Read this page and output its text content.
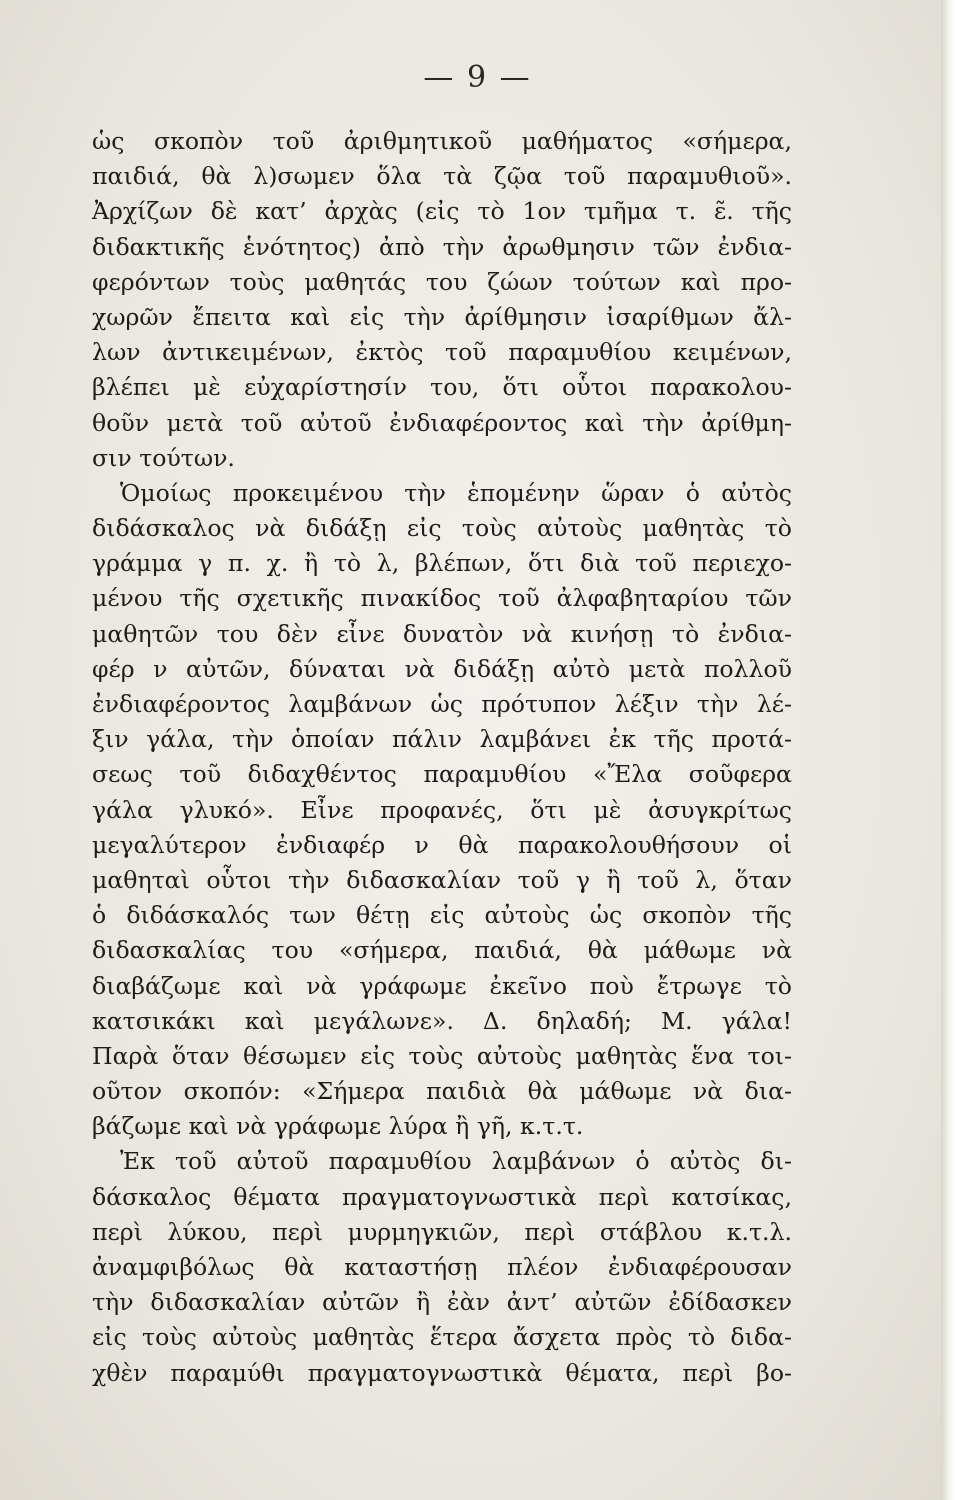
— 9 —
ὡς σκοπὸν τοῦ ἀριθμητικοῦ μαθήματος «σήμερα,
παιδιά, θὰ λ)σωμεν ὅλα τὰ ζῷα τοῦ παραμυθιοῦ».
Ἀρχίζων δὲ κατ’ ἀρχὰς (εἰς τὸ 1ον τμῆμα τ. ε̃. τῆς
διδακτικῆς ἑνότητος) ἀπὸ τὴν ἀρωθμησιν τῶν ἐνδια-
φερόντων τοὺς μαθητάς του ζώων τούτων καὶ προ-
χωρῶν ἔπειτα καὶ εἰς τὴν ἀρίθμησιν ἰσαρίθμων ἄλ-
λων ἀντικειμένων, ἐκτὸς τοῦ παραμυθίου κειμένων,
βλέπει μὲ εὐχαρίστησίν του, ὅτι οὗτοι παρακολου-
θοῦν μετὰ τοῦ αὐτοῦ ἐνδιαφέροντος καὶ τὴν ἀρίθμη-
σιν τούτων.
Ὁμοίως προκειμένου τὴν ἑπομένην ὥραν ὁ αὐτὸς
διδάσκαλος νὰ διδάξῃ εἰς τοὺς αὐτοὺς μαθητὰς τὸ
γράμμα γ π. χ. ἢ τὸ λ, βλέπων, ὅτι διὰ τοῦ περιεχο-
μένου τῆς σχετικῆς πινακίδος τοῦ ἀλφαβηταρίου τῶν
μαθητῶν του δὲν εἶνε δυνατὸν νὰ κινήσῃ τὸ ἐνδια-
φέρ ν αὐτῶν, δύναται νὰ διδάξῃ αὐτὸ μετὰ πολλοῦ
ἐνδιαφέροντος λαμβάνων ὡς πρότυπον λέξιν τὴν λέ-
ξιν γάλα, τὴν ὁποίαν πάλιν λαμβάνει ἐκ τῆς προτά-
σεως τοῦ διδαχθέντος παραμυθίου «Ἔλα σοῦφερα
γάλα γλυκό». Εἶνε προφανές, ὅτι μὲ ἀσυγκρίτως
μεγαλύτερον ἐνδιαφέρ ν θὰ παρακολουθήσουν οἱ
μαθηταὶ οὗτοι τὴν διδασκαλίαν τοῦ γ ἢ τοῦ λ, ὅταν
ὁ διδάσκαλός των θέτῃ εἰς αὐτοὺς ὡς σκοπὸν τῆς
διδασκαλίας του «σήμερα, παιδιά, θὰ μάθωμε νὰ
διαβάζωμε καὶ νὰ γράφωμε ἐκεῖνο ποὺ ἔτρωγε τὸ
κατσικάκι καὶ μεγάλωνε». Δ. δηλαδή; Μ. γάλα!
Παρὰ ὅταν θέσωμεν εἰς τοὺς αὐτοὺς μαθητὰς ἕνα τοι-
οῦτον σκοπόν: «Σήμερα παιδιὰ θὰ μάθωμε νὰ δια-
βάζωμε καὶ νὰ γράφωμε λύρα ἢ γῆ, κ.τ.τ.
Ἐκ τοῦ αὐτοῦ παραμυθίου λαμβάνων ὁ αὐτὸς δι-
δάσκαλος θέματα πραγματογνωστικὰ περὶ κατσίκας,
περὶ λύκου, περὶ μυρμηγκιῶν, περὶ στάβλου κ.τ.λ.
ἀναμφιβόλως θὰ καταστήσῃ πλέον ἐνδιαφέρουσαν
τὴν διδασκαλίαν αὐτῶν ἢ ἐὰν ἀντ’ αὐτῶν ἐδίδασκεν
εἰς τοὺς αὐτοὺς μαθητὰς ἕτερα ἄσχετα πρὸς τὸ διδα-
χθὲν παραμύθι πραγματογνωστικὰ θέματα, περὶ βο-
